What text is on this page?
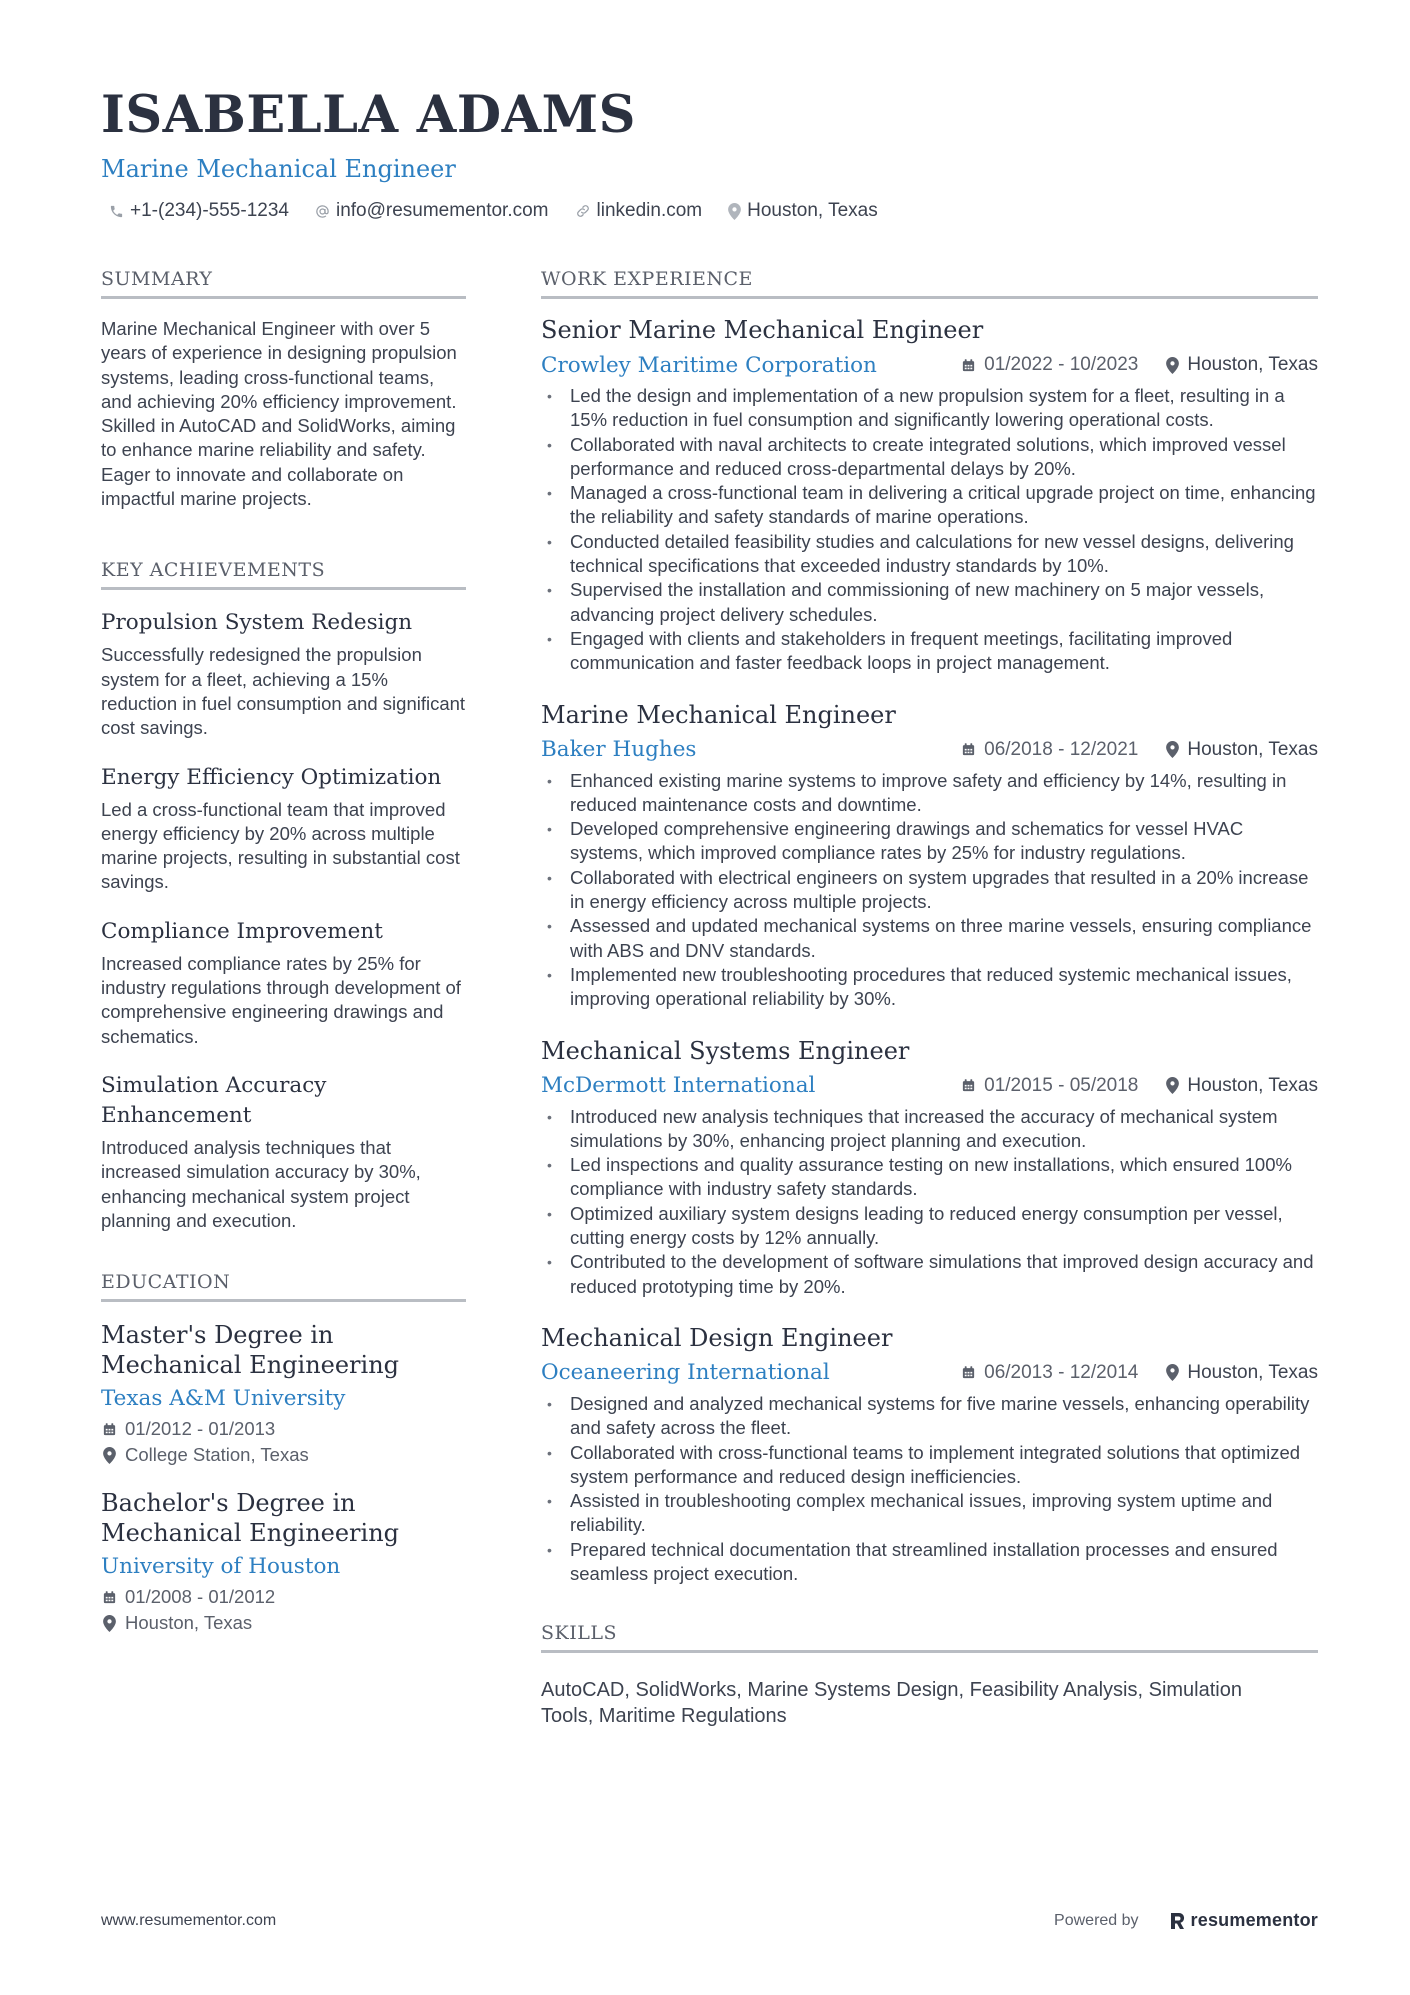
ISABELLA ADAMS
Marine Mechanical Engineer
+1-(234)-555-1234 info@resumementor.com	linkedin.com Houston, Texas
SUMMARY
Marine Mechanical Engineer with over 5 years of experience in designing propulsion systems, leading cross-functional teams, and achieving 20% efficiency improvement. Skilled in AutoCAD and SolidWorks, aiming to enhance marine reliability and safety. Eager to innovate and collaborate on impactful marine projects.
KEY ACHIEVEMENTS
Propulsion System Redesign
Successfully redesigned the propulsion system for a fleet, achieving a 15% reduction in fuel consumption and significant cost savings.
Energy Efficiency Optimization
Led a cross-functional team that improved energy efficiency by 20% across multiple marine projects, resulting in substantial cost savings.
Compliance Improvement
Increased compliance rates by 25% for industry regulations through development of comprehensive engineering drawings and schematics.
Simulation Accuracy Enhancement
Introduced analysis techniques that increased simulation accuracy by 30%, enhancing mechanical system project planning and execution.
EDUCATION
Master's Degree in Mechanical Engineering
Texas A&M University
01/2012 - 01/2013
College Station, Texas
Bachelor's Degree in Mechanical Engineering
University of Houston
01/2008 - 01/2012
Houston, Texas
WORK EXPERIENCE
Senior Marine Mechanical Engineer
Crowley Maritime Corporation	01/2022 - 10/2023	Houston, Texas
• Led the design and implementation of a new propulsion system for a fleet, resulting in a 15% reduction in fuel consumption and significantly lowering operational costs.
• Collaborated with naval architects to create integrated solutions, which improved vessel performance and reduced cross-departmental delays by 20%.
• Managed a cross-functional team in delivering a critical upgrade project on time, enhancing the reliability and safety standards of marine operations.
• Conducted detailed feasibility studies and calculations for new vessel designs, delivering technical specifications that exceeded industry standards by 10%.
• Supervised the installation and commissioning of new machinery on 5 major vessels, advancing project delivery schedules.
• Engaged with clients and stakeholders in frequent meetings, facilitating improved communication and faster feedback loops in project management.
Marine Mechanical Engineer
Baker Hughes	06/2018 - 12/2021	Houston, Texas
• Enhanced existing marine systems to improve safety and efficiency by 14%, resulting in reduced maintenance costs and downtime.
• Developed comprehensive engineering drawings and schematics for vessel HVAC systems, which improved compliance rates by 25% for industry regulations.
• Collaborated with electrical engineers on system upgrades that resulted in a 20% increase in energy efficiency across multiple projects.
• Assessed and updated mechanical systems on three marine vessels, ensuring compliance with ABS and DNV standards.
• Implemented new troubleshooting procedures that reduced systemic mechanical issues, improving operational reliability by 30%.
Mechanical Systems Engineer
McDermott International	01/2015 - 05/2018	Houston, Texas
• Introduced new analysis techniques that increased the accuracy of mechanical system simulations by 30%, enhancing project planning and execution.
• Led inspections and quality assurance testing on new installations, which ensured 100% compliance with industry safety standards.
• Optimized auxiliary system designs leading to reduced energy consumption per vessel, cutting energy costs by 12% annually.
• Contributed to the development of software simulations that improved design accuracy and reduced prototyping time by 20%.
Mechanical Design Engineer
Oceaneering International	06/2013 - 12/2014	Houston, Texas
• Designed and analyzed mechanical systems for five marine vessels, enhancing operability and safety across the fleet.
• Collaborated with cross-functional teams to implement integrated solutions that optimized system performance and reduced design inefficiencies.
• Assisted in troubleshooting complex mechanical issues, improving system uptime and reliability.
• Prepared technical documentation that streamlined installation processes and ensured seamless project execution.
SKILLS
AutoCAD, SolidWorks, Marine Systems Design, Feasibility Analysis, Simulation Tools, Maritime Regulations
www.resumementor.com	Powered by	resumementor
